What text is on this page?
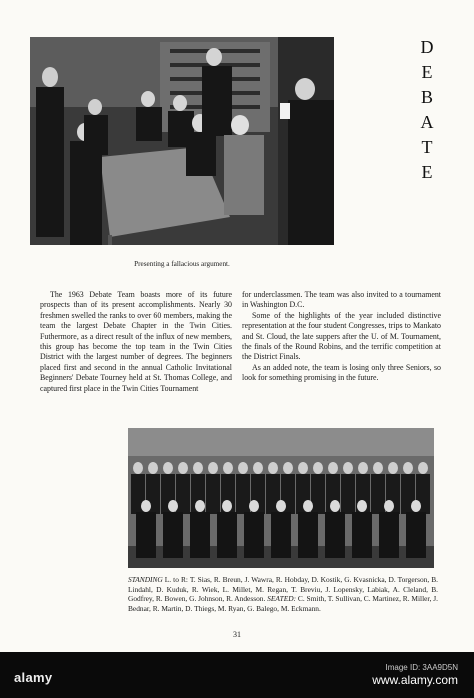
Presenting a fallacious argument.
D
E
B
A
T
E

The 1963 Debate Team boasts more of its future prospects than of its present accomplishments. Nearly 30 freshmen swelled the ranks to over 60 members, making the team the largest Debate Chapter in the Twin Cities. Futhermore, as a direct result of the influx of new members, this group has become the top team in the Twin Cities District with the largest number of degrees. The beginners placed first and second in the annual Catholic Invitational Beginners' Debate Tourney held at St. Thomas College, and captured first place in the Twin Cities Tournament

for underclassmen. The team was also invited to a tournament in Washington D.C.

Some of the highlights of the year included distinctive representation at the four student Congresses, trips to Mankato and St. Cloud, the late suppers after the U. of M. Tournament, the finals of the Round Robins, and the terrific competition at the District Finals.

As an added note, the team is losing only three Seniors, so look for something promising in the future.

STANDING L. to R: T. Sias, R. Breun, J. Wawra, R. Hobday, D. Kostik, G. Kvasnicka, D. Torgerson, B. Lindahl, D. Kuduk, R. Wiek, L. Millet, M. Regan, T. Breviu, J. Lopensky, Labiak, A. Cleland, B. Godfrey, R. Bowen, G. Johnson, R. Andesson. SEATED: C. Smith, T. Sullivan, C. Martinez, R. Miller, J. Bednar, R. Martin, D. Thiegs, M. Ryan, G. Balego, M. Eckmann.
31
alamy
Image ID: 3AA9D5N
www.alamy.com
